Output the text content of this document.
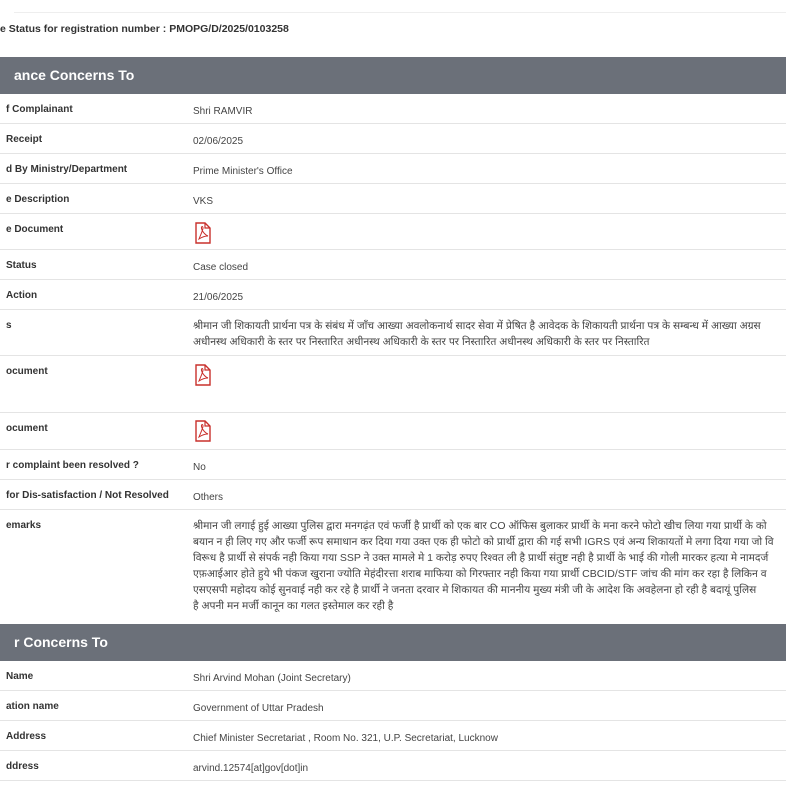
e Status for registration number : PMOPG/D/2025/0103258
ance Concerns To
f Complainant	Shri RAMVIR
Receipt	02/06/2025
d By Ministry/Department	Prime Minister's Office
e Description	VKS
e Document
Status	Case closed
Action	21/06/2025
s	श्रीमान जी शिकायती प्रार्थना पत्र के संबंध में जाँच आख्या अवलोकनार्थ सादर सेवा में प्रेषित है आवेदक के शिकायती प्रार्थना पत्र के सम्बन्ध में आख्या अग्रस
अधीनस्थ अधिकारी के स्तर पर निस्तारित अधीनस्थ अधिकारी के स्तर पर निस्तारित अधीनस्थ अधिकारी के स्तर पर निस्तारित
ocument
ocument
r complaint been resolved ?	No
for Dis-satisfaction / Not Resolved	Others
emarks	श्रीमान जी लगाई हुई आख्या पुलिस द्वारा मनगढ़ंत एवं फर्जी है प्रार्थी को एक बार CO ऑफिस बुलाकर प्रार्थी के मना करने फोटो खीच लिया गया प्रार्थी के को
बयान न ही लिए गए और फर्जी रूप समाधान कर दिया गया उक्त एक ही फोटो को प्रार्थी द्वारा की गई सभी IGRS एवं अन्य शिकायतों मे लगा दिया गया जो वि
विरूध है प्रार्थी से संपर्क नही किया गया SSP ने उक्त मामले मे 1 करोड़ रुपए रिश्वत ली है प्रार्थी संतुष्ट नही है प्रार्थी के भाई की गोली मारकर हत्या मे नामदर्ज
एफ़आईआर होते हुये भी पंकज खुराना ज्योति मेहंदीरत्ता शराब माफिया को गिरफ्तार नही किया गया प्रार्थी CBCID/STF जांच की मांग कर रहा है लिकिन व
एसएसपी महोदय कोई सुनवाई नही कर रहे है प्रार्थी ने जनता दरवार मे शिकायत की माननीय मुख्य मंत्री जी के आदेश कि अवहेलना हो रही है बदायूं पुलिस
है अपनी मन मर्जी कानून का गलत इस्तेमाल कर रही है
r Concerns To
Name	Shri Arvind Mohan (Joint Secretary)
ation name	Government of Uttar Pradesh
Address	Chief Minister Secretariat , Room No. 321, U.P. Secretariat, Lucknow
ddress	arvind.12574[at]gov[dot]in
